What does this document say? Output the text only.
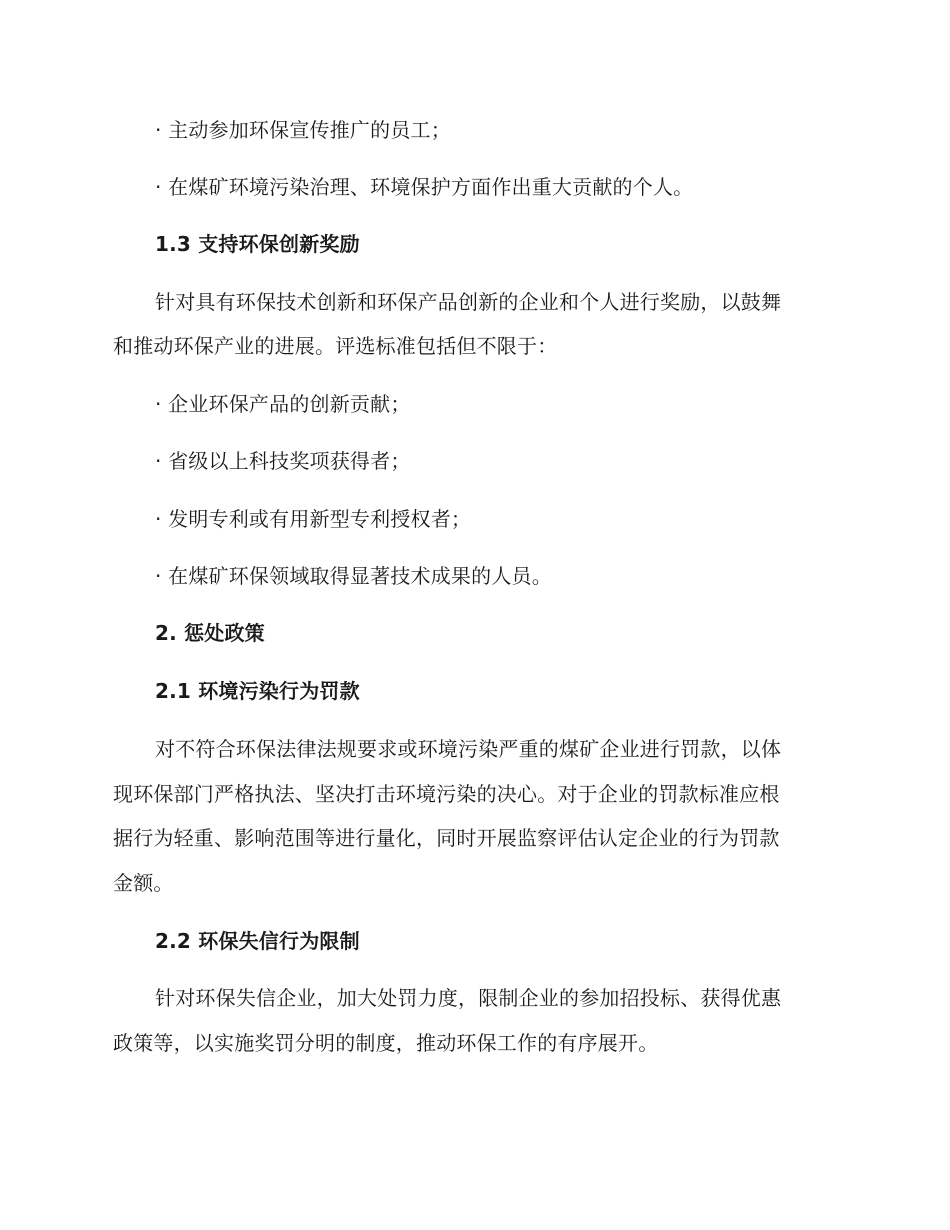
· 主动参加环保宣传推广的员工；
· 在煤矿环境污染治理、环境保护方面作出重大贡献的个人。
1.3 支持环保创新奖励
针对具有环保技术创新和环保产品创新的企业和个人进行奖励，以鼓舞
和推动环保产业的进展。评选标准包括但不限于：
· 企业环保产品的创新贡献；
· 省级以上科技奖项获得者；
· 发明专利或有用新型专利授权者；
· 在煤矿环保领域取得显著技术成果的人员。
2. 惩处政策
2.1 环境污染行为罚款
对不符合环保法律法规要求或环境污染严重的煤矿企业进行罚款，以体
现环保部门严格执法、坚决打击环境污染的决心。对于企业的罚款标准应根
据行为轻重、影响范围等进行量化，同时开展监察评估认定企业的行为罚款
金额。
2.2 环保失信行为限制
针对环保失信企业，加大处罚力度，限制企业的参加招投标、获得优惠
政策等，以实施奖罚分明的制度，推动环保工作的有序展开。
